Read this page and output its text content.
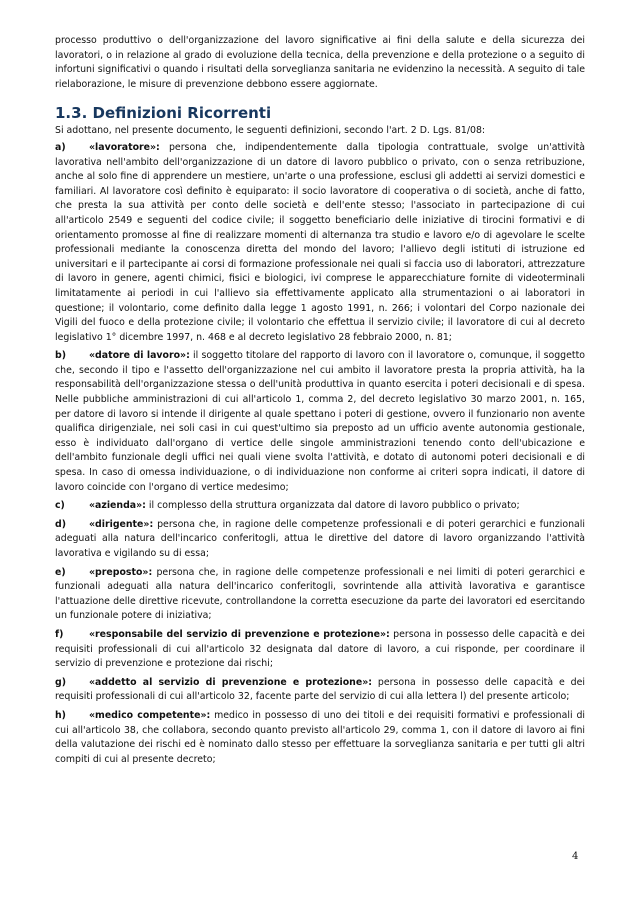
processo produttivo o dell'organizzazione del lavoro significative ai fini della salute e della sicurezza dei lavoratori, o in relazione al grado di evoluzione della tecnica, della prevenzione e della protezione o a seguito di infortuni significativi o quando i risultati della sorveglianza sanitaria ne evidenzino la necessità. A seguito di tale rielaborazione, le misure di prevenzione debbono essere aggiornate.

1.3. Definizioni Ricorrenti

Si adottano, nel presente documento, le seguenti definizioni, secondo l'art. 2 D. Lgs. 81/08:

a) «lavoratore»: persona che, indipendentemente dalla tipologia contrattuale, svolge un'attività lavorativa nell'ambito dell'organizzazione di un datore di lavoro pubblico o privato, con o senza retribuzione, anche al solo fine di apprendere un mestiere, un'arte o una professione, esclusi gli addetti ai servizi domestici e familiari. Al lavoratore così definito è equiparato: il socio lavoratore di cooperativa o di società, anche di fatto, che presta la sua attività per conto delle società e dell'ente stesso; l'associato in partecipazione di cui all'articolo 2549 e seguenti del codice civile; il soggetto beneficiario delle iniziative di tirocini formativi e di orientamento promosse al fine di realizzare momenti di alternanza tra studio e lavoro e/o di agevolare le scelte professionali mediante la conoscenza diretta del mondo del lavoro; l'allievo degli istituti di istruzione ed universitari e il partecipante ai corsi di formazione professionale nei quali si faccia uso di laboratori, attrezzature di lavoro in genere, agenti chimici, fisici e biologici, ivi comprese le apparecchiature fornite di videoterminali limitatamente ai periodi in cui l'allievo sia effettivamente applicato alla strumentazioni o ai laboratori in questione; il volontario, come definito dalla legge 1 agosto 1991, n. 266; i volontari del Corpo nazionale dei Vigili del fuoco e della protezione civile; il volontario che effettua il servizio civile; il lavoratore di cui al decreto legislativo 1° dicembre 1997, n. 468 e al decreto legislativo 28 febbraio 2000, n. 81;

b) «datore di lavoro»: il soggetto titolare del rapporto di lavoro con il lavoratore o, comunque, il soggetto che, secondo il tipo e l'assetto dell'organizzazione nel cui ambito il lavoratore presta la propria attività, ha la responsabilità dell'organizzazione stessa o dell'unità produttiva in quanto esercita i poteri decisionali e di spesa. Nelle pubbliche amministrazioni di cui all'articolo 1, comma 2, del decreto legislativo 30 marzo 2001, n. 165, per datore di lavoro si intende il dirigente al quale spettano i poteri di gestione, ovvero il funzionario non avente qualifica dirigenziale, nei soli casi in cui quest'ultimo sia preposto ad un ufficio avente autonomia gestionale, esso è individuato dall'organo di vertice delle singole amministrazioni tenendo conto dell'ubicazione e dell'ambito funzionale degli uffici nei quali viene svolta l'attività, e dotato di autonomi poteri decisionali e di spesa. In caso di omessa individuazione, o di individuazione non conforme ai criteri sopra indicati, il datore di lavoro coincide con l'organo di vertice medesimo;

c)	«azienda»: il complesso della struttura organizzata dal datore di lavoro pubblico o privato;

d) «dirigente»: persona che, in ragione delle competenze professionali e di poteri gerarchici e funzionali adeguati alla natura dell'incarico conferitogli, attua le direttive del datore di lavoro organizzando l'attività lavorativa e vigilando su di essa;

e) «preposto»: persona che, in ragione delle competenze professionali e nei limiti di poteri gerarchici e funzionali adeguati alla natura dell'incarico conferitogli, sovrintende alla attività lavorativa e garantisce l'attuazione delle direttive ricevute, controllandone la corretta esecuzione da parte dei lavoratori ed esercitando un funzionale potere di iniziativa;

f)	«responsabile del servizio di prevenzione e protezione»: persona in possesso delle capacità e dei requisiti professionali di cui all'articolo 32 designata dal datore di lavoro, a cui risponde, per coordinare il servizio di prevenzione e protezione dai rischi;

g) «addetto al servizio di prevenzione e protezione»: persona in possesso delle capacità e dei requisiti professionali di cui all'articolo 32, facente parte del servizio di cui alla lettera l) del presente articolo;

h) «medico competente»: medico in possesso di uno dei titoli e dei requisiti formativi e professionali di cui all'articolo 38, che collabora, secondo quanto previsto all'articolo 29, comma 1, con il datore di lavoro ai fini della valutazione dei rischi ed è nominato dallo stesso per effettuare la sorveglianza sanitaria e per tutti gli altri compiti di cui al presente decreto;

4
